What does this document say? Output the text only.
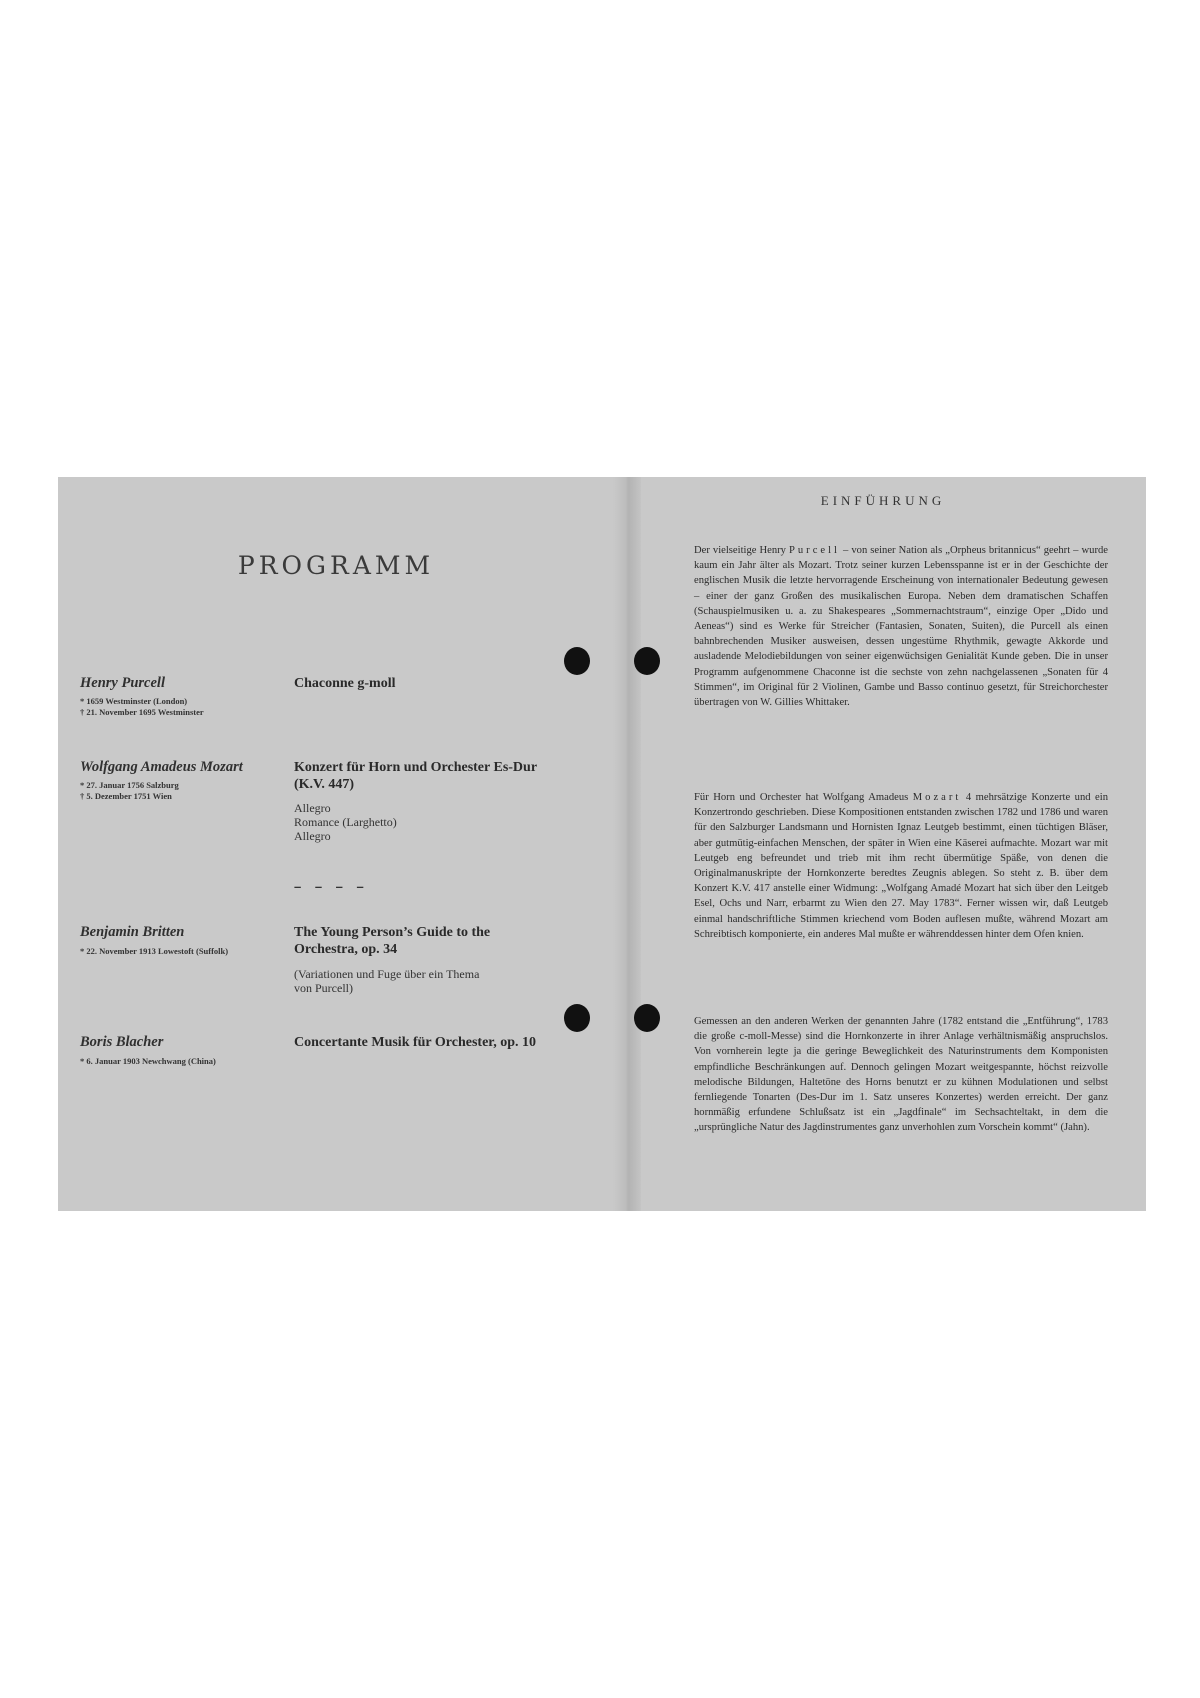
PROGRAMM
Henry Purcell
* 1659 Westminster (London)
† 21. November 1695 Westminster
Chaconne g-moll
Wolfgang Amadeus Mozart
* 27. Januar 1756 Salzburg
† 5. Dezember 1751 Wien
Konzert für Horn und Orchester Es-Dur (K.V. 447)
Allegro
Romance (Larghetto)
Allegro
– – – –
Benjamin Britten
* 22. November 1913 Lowestoft (Suffolk)
The Young Person’s Guide to the Orchestra, op. 34
(Variationen und Fuge über ein Thema von Purcell)
Boris Blacher
* 6. Januar 1903 Newchwang (China)
Concertante Musik für Orchester, op. 10
EINFÜHRUNG
Der vielseitige Henry Purcell – von seiner Nation als „Orpheus britannicus“ geehrt – wurde kaum ein Jahr älter als Mozart. Trotz seiner kurzen Lebensspanne ist er in der Geschichte der englischen Musik die letzte hervorragende Erscheinung von internationaler Bedeutung gewesen – einer der ganz Großen des musikalischen Europa. Neben dem dramatischen Schaffen (Schauspielmusiken u. a. zu Shakespeares „Sommernachtstraum“, einzige Oper „Dido und Aeneas“) sind es Werke für Streicher (Fantasien, Sonaten, Suiten), die Purcell als einen bahnbrechenden Musiker ausweisen, dessen ungestüme Rhythmik, gewagte Akkorde und ausladende Melodiebildungen von seiner eigenwüchsigen Genialität Kunde geben. Die in unser Programm aufgenommene Chaconne ist die sechste von zehn nachgelassenen „Sonaten für 4 Stimmen“, im Original für 2 Violinen, Gambe und Basso continuo gesetzt, für Streichorchester übertragen von W. Gillies Whittaker.
Für Horn und Orchester hat Wolfgang Amadeus Mozart 4 mehrsätzige Konzerte und ein Konzertrondo geschrieben. Diese Kompositionen entstanden zwischen 1782 und 1786 und waren für den Salzburger Landsmann und Hornisten Ignaz Leutgeb bestimmt, einen tüchtigen Bläser, aber gutmütig-einfachen Menschen, der später in Wien eine Käserei aufmachte. Mozart war mit Leutgeb eng befreundet und trieb mit ihm recht übermütige Späße, von denen die Originalmanuskripte der Hornkonzerte beredtes Zeugnis ablegen. So steht z. B. über dem Konzert K.V. 417 anstelle einer Widmung: „Wolfgang Amadé Mozart hat sich über den Leitgeb Esel, Ochs und Narr, erbarmt zu Wien den 27. May 1783“. Ferner wissen wir, daß Leutgeb einmal handschriftliche Stimmen kriechend vom Boden auflesen mußte, während Mozart am Schreibtisch komponierte, ein anderes Mal mußte er währenddessen hinter dem Ofen knien.
Gemessen an den anderen Werken der genannten Jahre (1782 entstand die „Entführung“, 1783 die große c-moll-Messe) sind die Hornkonzerte in ihrer Anlage verhältnismäßig anspruchslos. Von vornherein legte ja die geringe Beweglichkeit des Naturinstruments dem Komponisten empfindliche Beschränkungen auf. Dennoch gelingen Mozart weitgespannte, höchst reizvolle melodische Bildungen, Haltetöne des Horns benutzt er zu kühnen Modulationen und selbst fernliegende Tonarten (Des-Dur im 1. Satz unseres Konzertes) werden erreicht. Der ganz hornmäßig erfundene Schlußsatz ist ein „Jagdfinale“ im Sechsachteltakt, in dem die „ursprüngliche Natur des Jagdinstrumentes ganz unverhohlen zum Vorschein kommt“ (Jahn).
